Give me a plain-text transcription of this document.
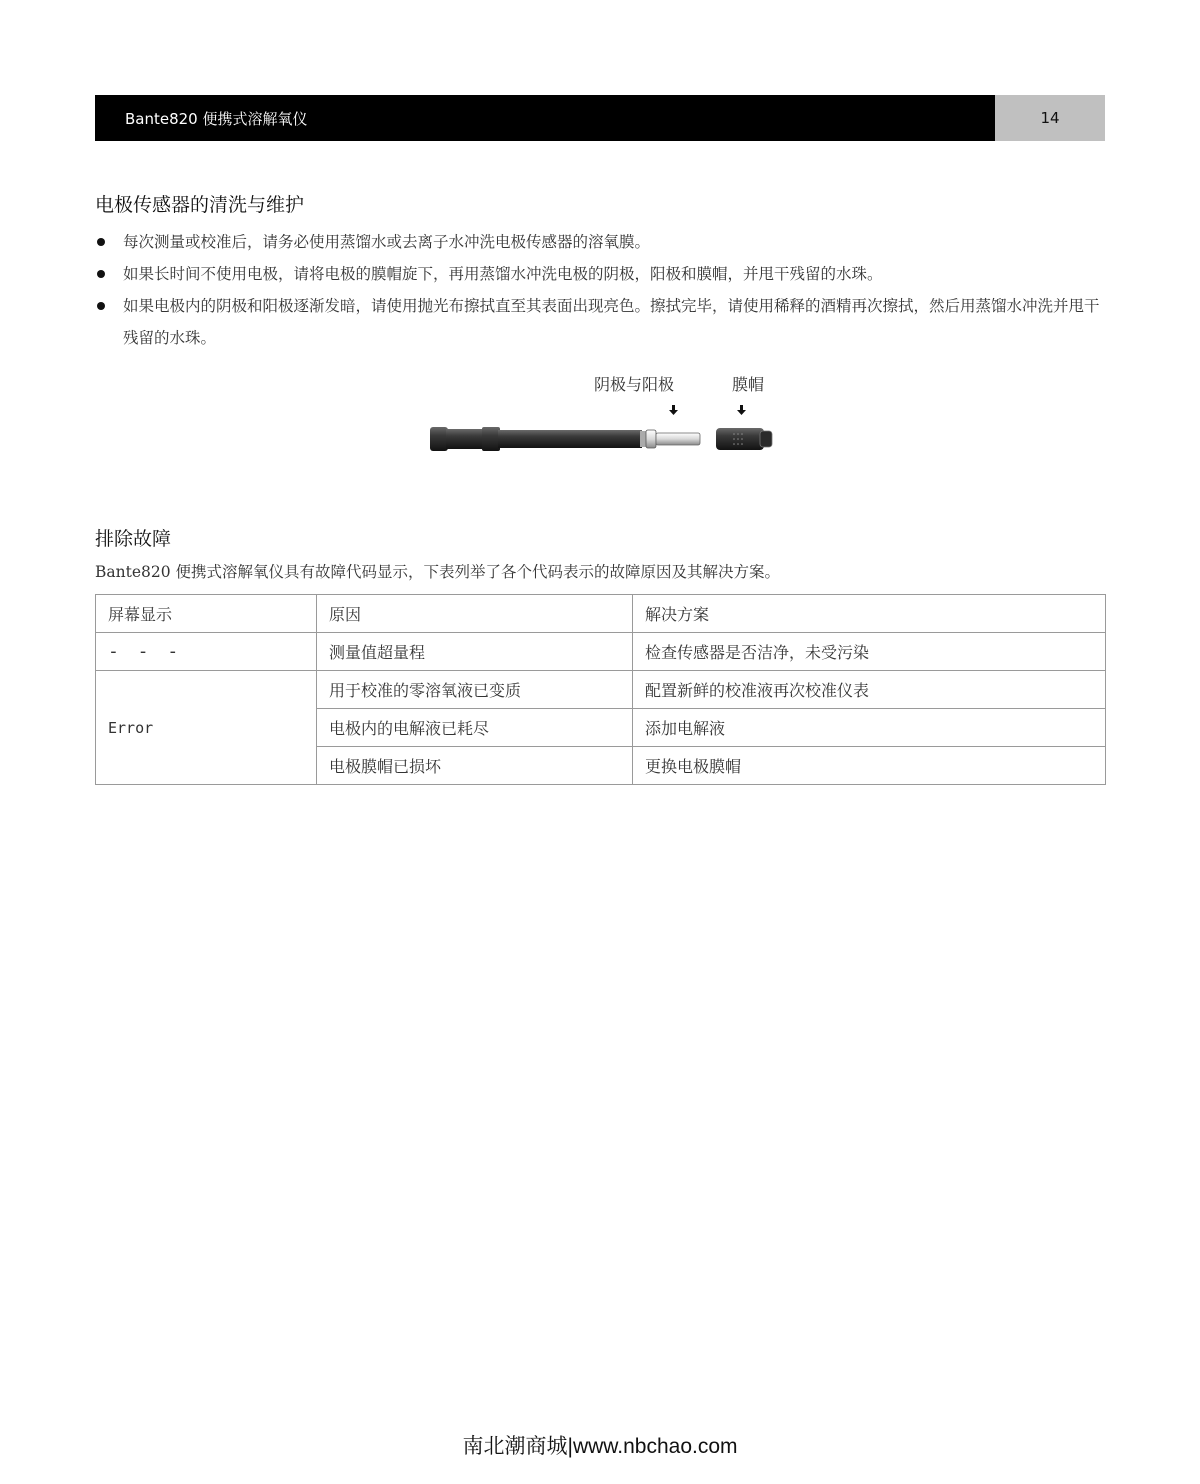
Bante820 便携式溶解氧仪	14
电极传感器的清洗与维护
每次测量或校准后，请务必使用蒸馏水或去离子水冲洗电极传感器的溶氧膜。
如果长时间不使用电极，请将电极的膜帽旋下，再用蒸馏水冲洗电极的阴极，阳极和膜帽，并甩干残留的水珠。
如果电极内的阴极和阳极逐渐发暗，请使用抛光布擦拭直至其表面出现亮色。擦拭完毕，请使用稀释的酒精再次擦拭，然后用蒸馏水冲洗并甩干残留的水珠。
阴极与阳极	膜帽
排除故障
Bante820 便携式溶解氧仪具有故障代码显示，下表列举了各个代码表示的故障原因及其解决方案。
屏幕显示	原因	解决方案
- - -	测量值超量程	检查传感器是否洁净，未受污染
Error	用于校准的零溶氧液已变质	配置新鲜的校准液再次校准仪表
	电极内的电解液已耗尽	添加电解液
	电极膜帽已损坏	更换电极膜帽
南北潮商城|www.nbchao.com
